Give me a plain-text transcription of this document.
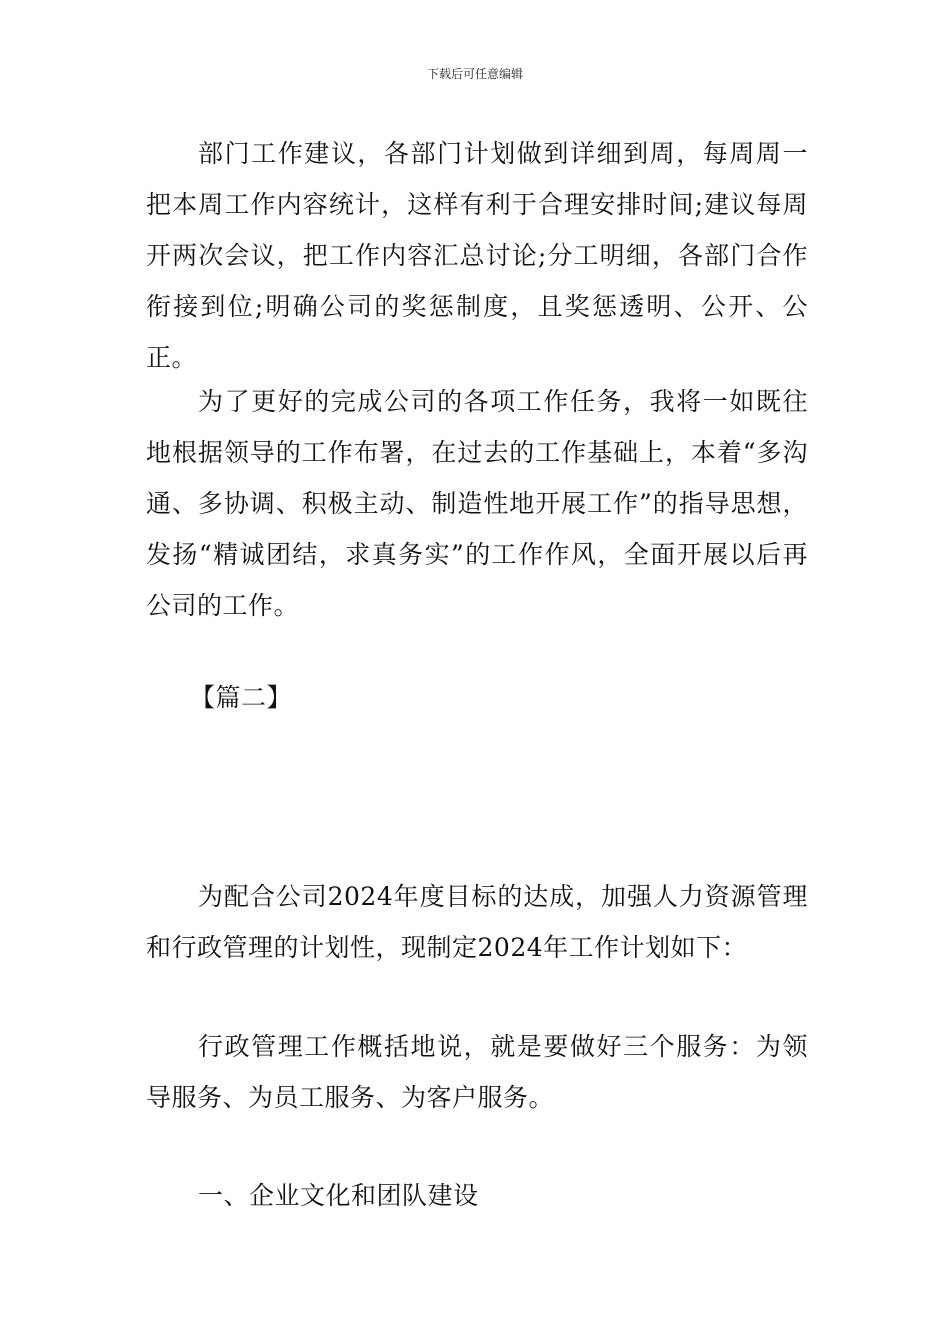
下载后可任意编辑

部门工作建议，各部门计划做到详细到周，每周周一把本周工作内容统计，这样有利于合理安排时间;建议每周开两次会议，把工作内容汇总讨论;分工明细，各部门合作衔接到位;明确公司的奖惩制度，且奖惩透明、公开、公正。

为了更好的完成公司的各项工作任务，我将一如既往地根据领导的工作布署，在过去的工作基础上，本着“多沟通、多协调、积极主动、制造性地开展工作”的指导思想，发扬“精诚团结，求真务实”的工作作风，全面开展以后再公司的工作。

【篇二】

为配合公司2024年度目标的达成，加强人力资源管理和行政管理的计划性，现制定2024年工作计划如下：

行政管理工作概括地说，就是要做好三个服务：为领导服务、为员工服务、为客户服务。

一、企业文化和团队建设
